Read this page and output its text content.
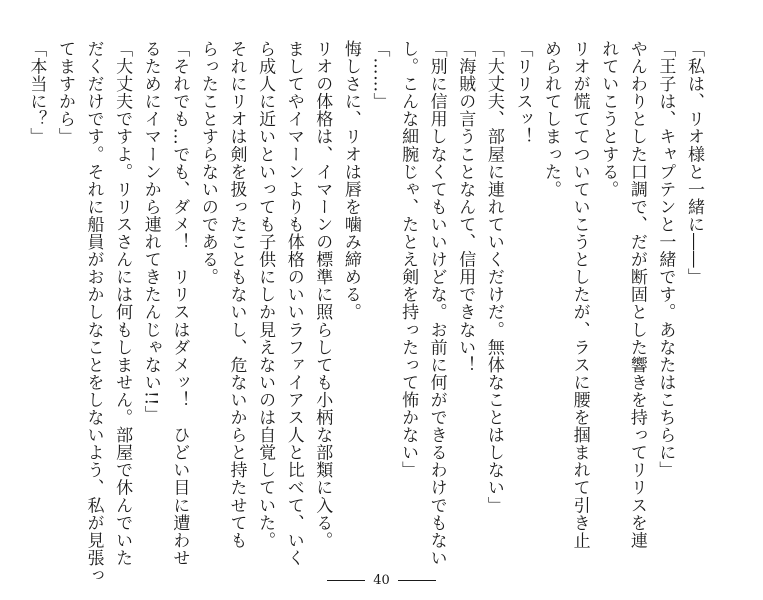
「私は、リオ様と一緒に――」
「王子は、キャプテンと一緒です。あなたはこちらに」
やんわりとした口調で、だが断固とした響きを持ってリリスを連
れていこうとする。
リオが慌ててついていこうとしたが、ラスに腰を掴まれて引き止
められてしまった。
「リリスッ！
「大丈夫、部屋に連れていくだけだ。無体なことはしない」
「海賊の言うことなんて、信用できない！
「別に信用しなくてもいいけどな。お前に何ができるわけでもない
し。こんな細腕じゃ、たとえ剣を持ったって怖かない」
「……」
悔しさに、リオは唇を噛み締める。
リオの体格は、イマーンの標準に照らしても小柄な部類に入る。
ましてやイマーンよりも体格のいいラファイアス人と比べて、いく
ら成人に近いといっても子供にしか見えないのは自覚していた。
それにリオは剣を扱ったこともないし、危ないからと持たせても
らったことすらないのである。
「それでも…でも、ダメ！　リリスはダメッ！　ひどい目に遭わせ
るためにイマーンから連れてきたんじゃない!!」
「大丈夫ですよ。リリスさんには何もしません。部屋で休んでいた
だくだけです。それに船員がおかしなことをしないよう、私が見張っ
てますから」
「本当に？」
40
